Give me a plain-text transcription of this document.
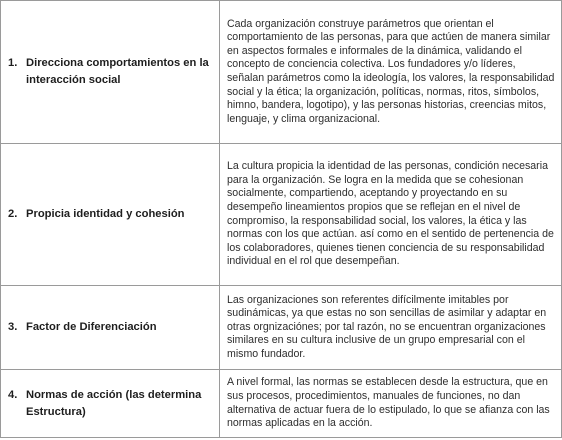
1. Direcciona comportamientos en la interacción social	Cada organización construye parámetros que orientan el comportamiento de las personas, para que actúen de manera similar en aspectos formales e informales de la dinámica, validando el concepto de conciencia colectiva. Los fundadores y/o líderes, señalan parámetros como la ideología, los valores, la responsabilidad social y la ética; la organización, políticas, normas, ritos, símbolos, himno, bandera, logotipo), y las personas historias, creencias mitos, lenguaje, y clima organizacional.

2. Propicia identidad y cohesión	La cultura propicia la identidad de las personas, condición necesaria para la organización. Se logra en la medida que se cohesionan socialmente, compartiendo, aceptando y proyectando en su desempeño lineamientos propios que se reflejan en el nivel de compromiso, la responsabilidad social, los valores, la ética y las normas con los que actúan. así como en el sentido de pertenencia de los colaboradores, quienes tienen conciencia de su responsabilidad individual en el rol que desempeñan.

3. Factor de Diferenciación	Las organizaciones son referentes difícilmente imitables por sudinámicas, ya que estas no son sencillas de asimilar y adaptar en otras orgnizaciónes; por tal razón, no se encuentran organizaciones similares en su cultura inclusive de un grupo empresarial con el mismo fundador.

4. Normas de acción (las determina Estructura)	A nivel formal, las normas se establecen desde la estructura, que en sus procesos, procedimientos, manuales de funciones, no dan alternativa de actuar fuera de lo estipulado, lo que se afianza con las normas aplicadas en la acción.
